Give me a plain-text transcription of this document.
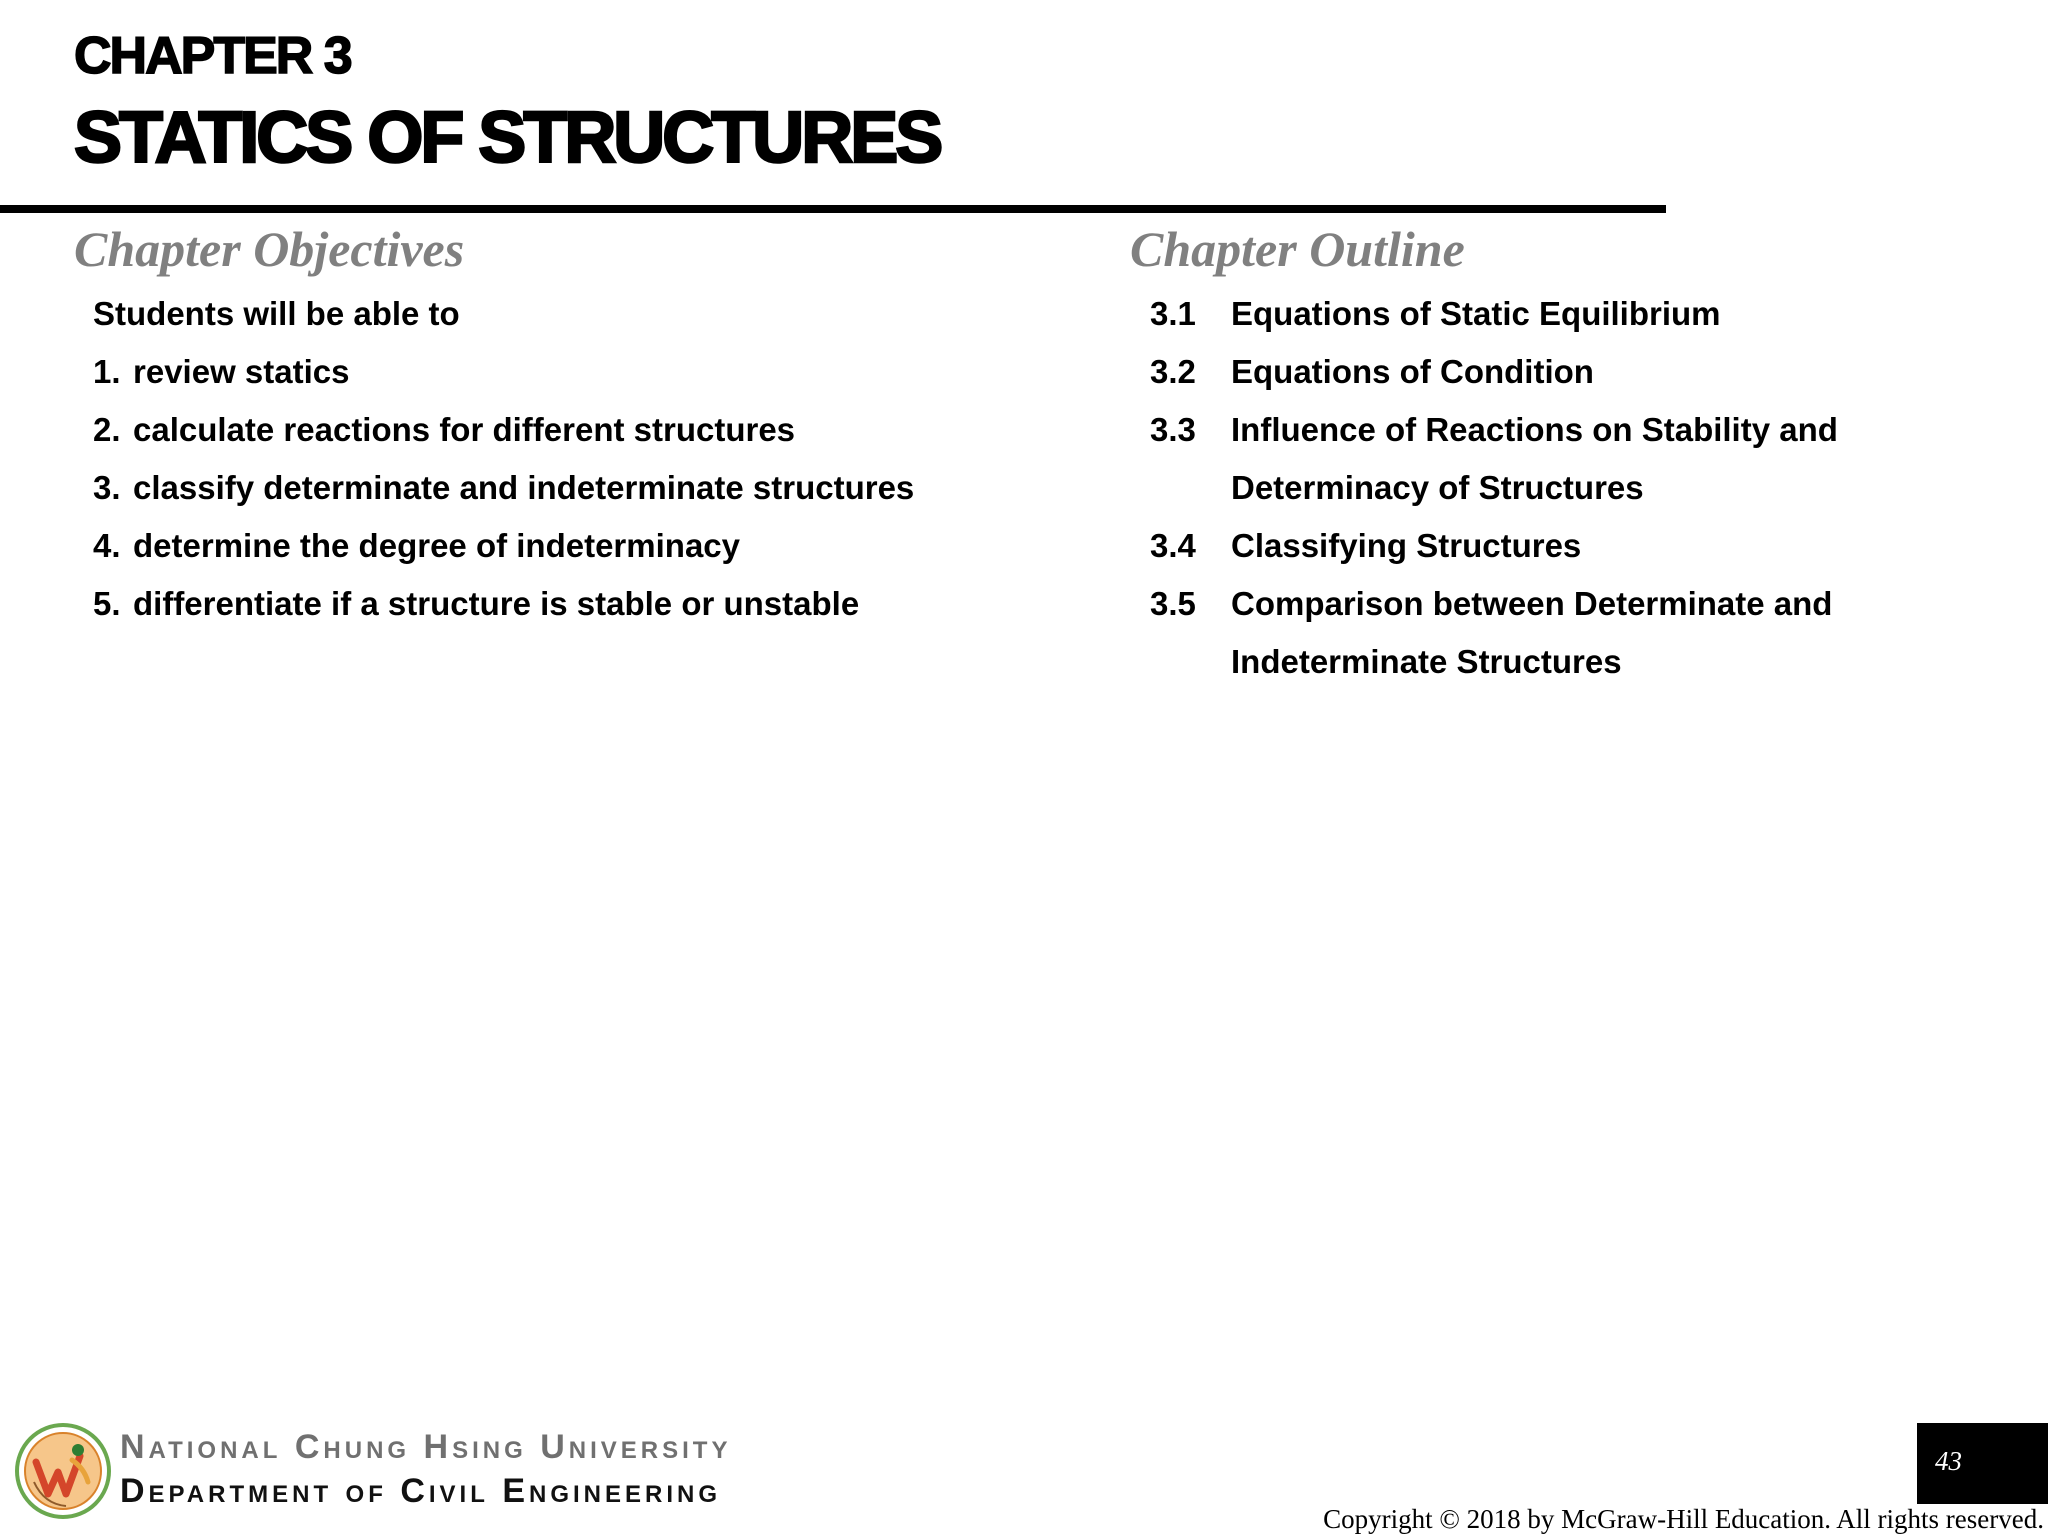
CHAPTER 3
STATICS OF STRUCTURES
Chapter Objectives	Chapter Outline
Students will be able to
1. review statics
2. calculate reactions for different structures
3. classify determinate and indeterminate structures
4. determine the degree of indeterminacy
5. differentiate if a structure is stable or unstable
3.1 Equations of Static Equilibrium
3.2 Equations of Condition
3.3 Influence of Reactions on Stability and
Determinacy of Structures
3.4 Classifying Structures
3.5 Comparison between Determinate and
Indeterminate Structures
National Chung Hsing University
Department of Civil Engineering
43
Copyright © 2018 by McGraw-Hill Education. All rights reserved.
